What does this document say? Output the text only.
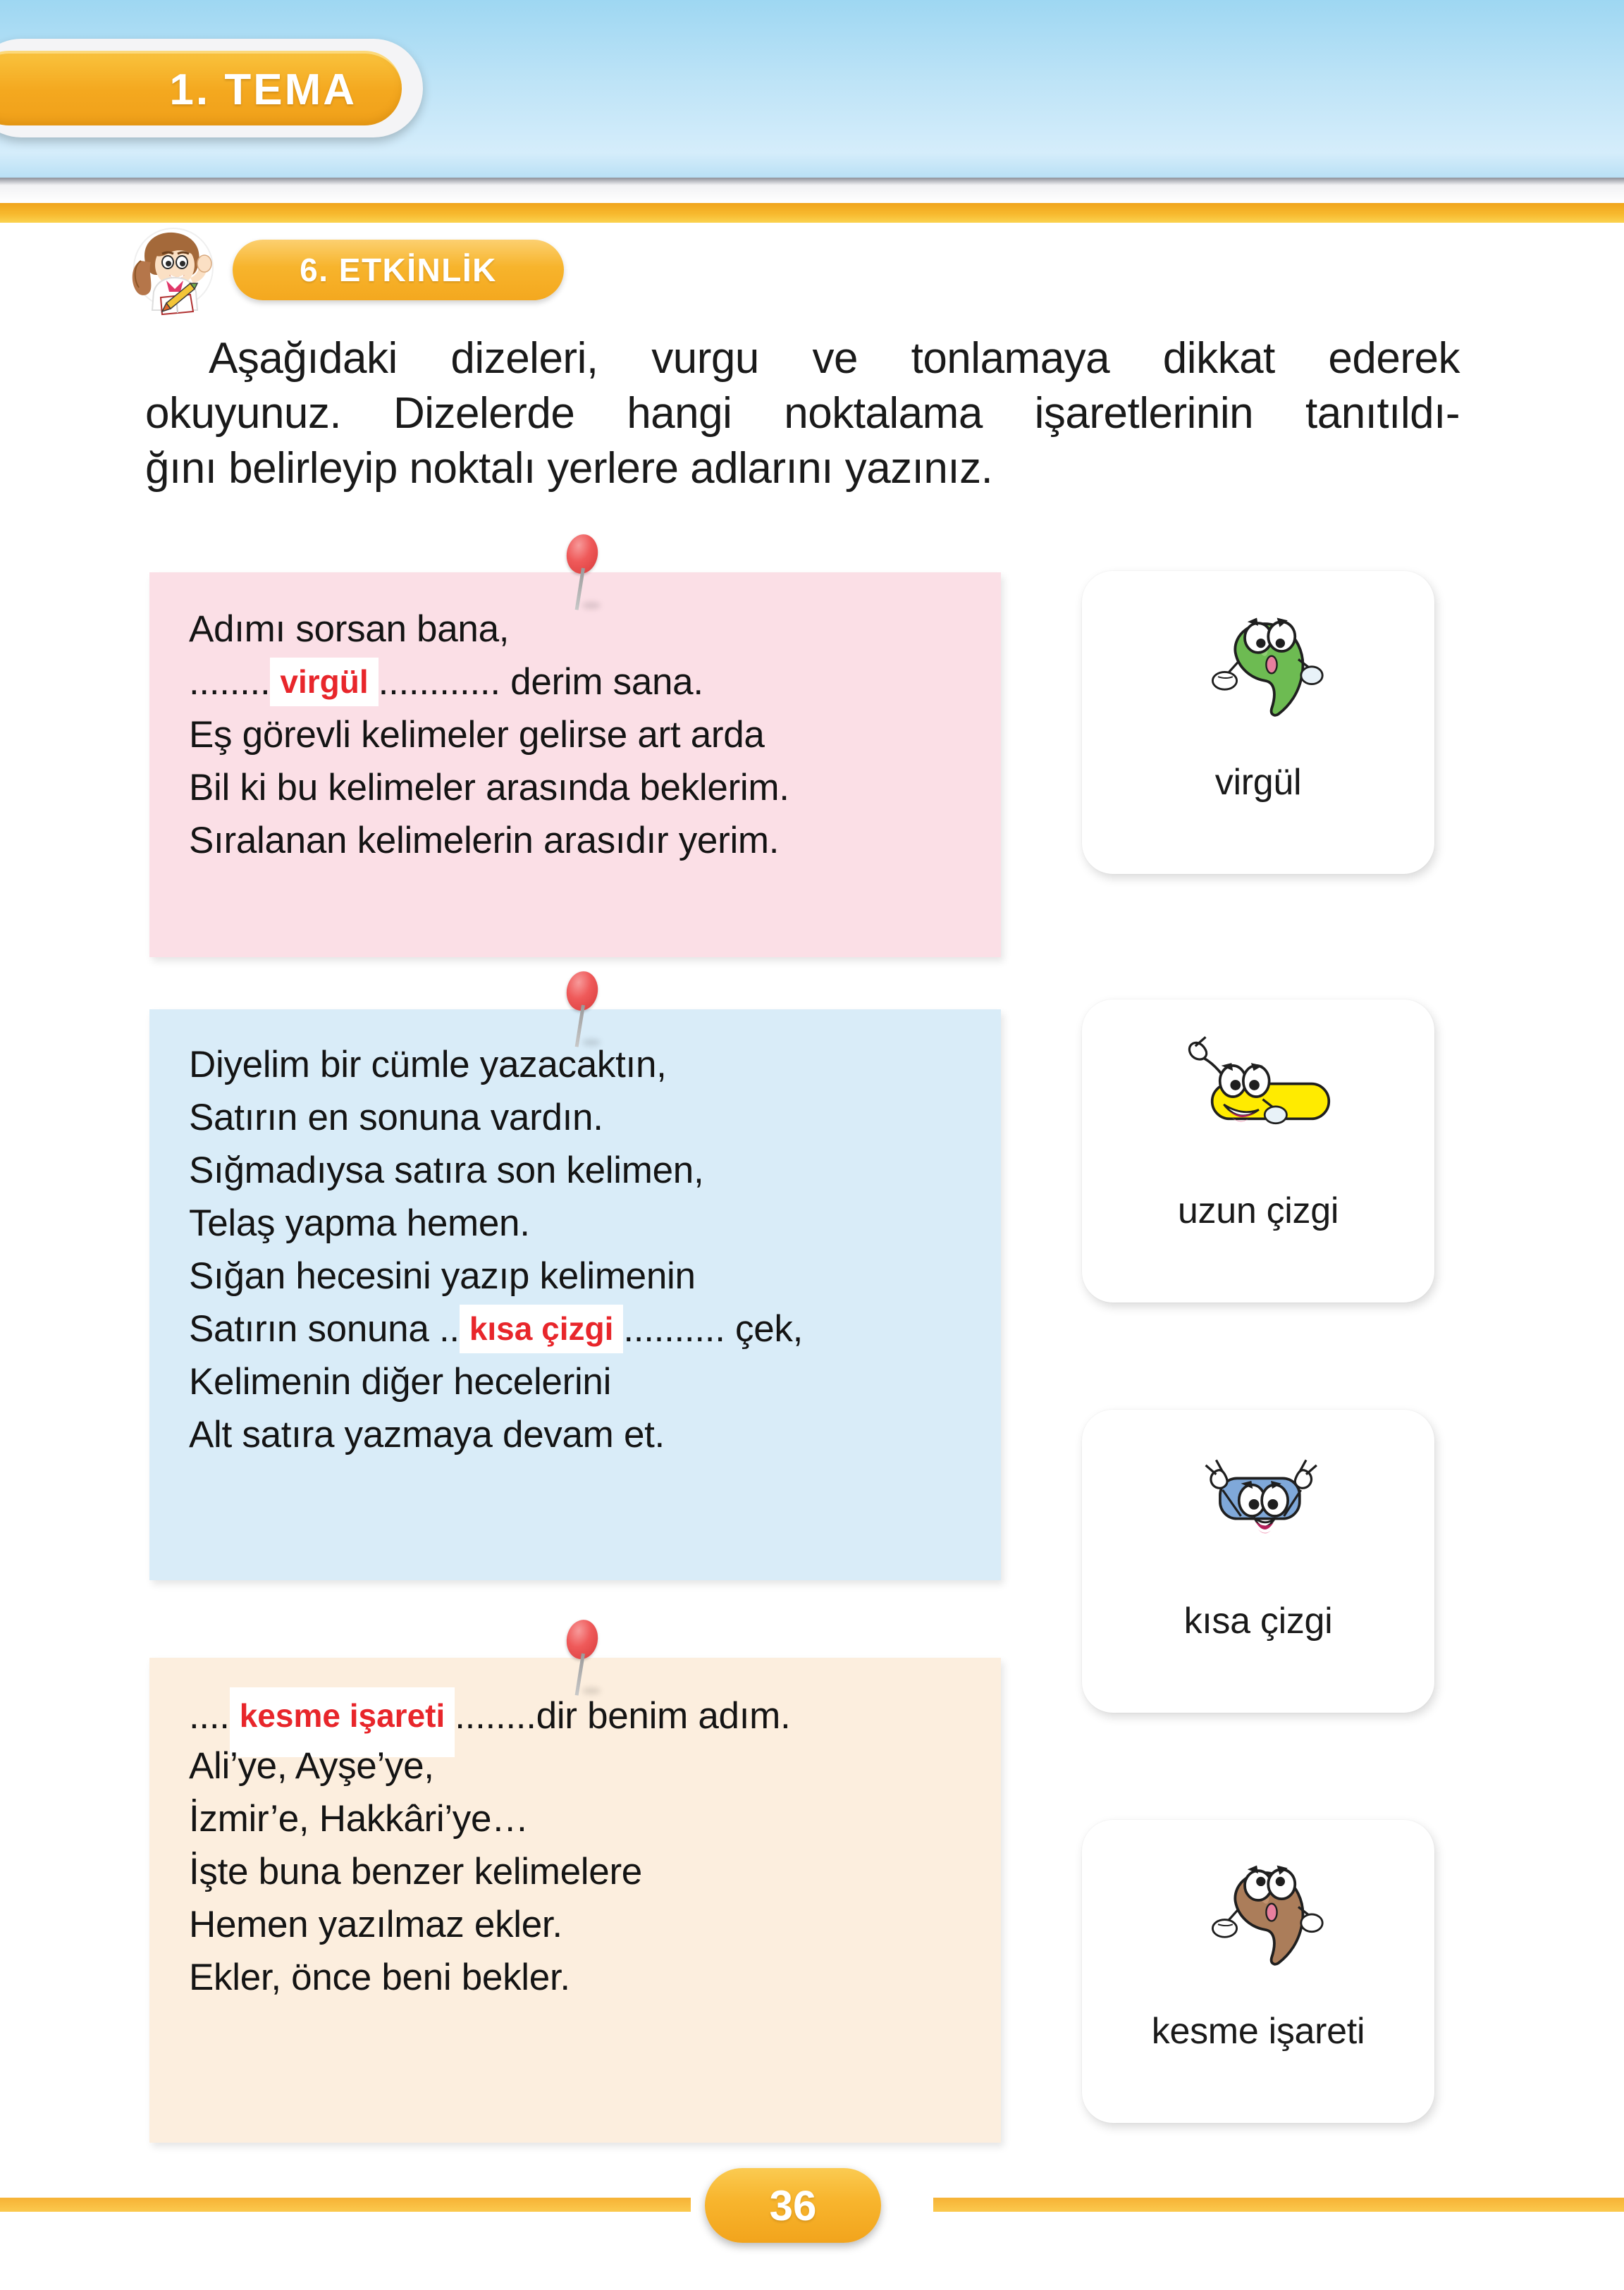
1. TEMA
6. ETKİNLİK

Aşağıdaki dizeleri, vurgu ve tonlamaya dikkat ederek

okuyunuz. Dizelerde hangi noktalama işaretlerinin tanıtıldı-

ğını belirleyip noktalı yerlere adlarını yazınız.

Adımı sorsan bana,
........ virgül ............ derim sana.
Eş görevli kelimeler gelirse art arda
Bil ki bu kelimeler arasında beklerim.
Sıralanan kelimelerin arasıdır yerim.
Diyelim bir cümle yazacaktın,
Satırın en sonuna vardın.
Sığmadıysa satıra son kelimen,
Telaş yapma hemen.
Sığan hecesini yazıp kelimenin
Satırın sonuna .. kısa çizgi .......... çek,
Kelimenin diğer hecelerini
Alt satıra yazmaya devam et.
.... kesme işareti ........dir benim adım.
Ali’ye, Ayşe’ye,
İzmir’e, Hakkâri’ye…
İşte buna benzer kelimelere
Hemen yazılmaz ekler.
Ekler, önce beni bekler.
virgül
uzun çizgi
kısa çizgi
kesme işareti
36
